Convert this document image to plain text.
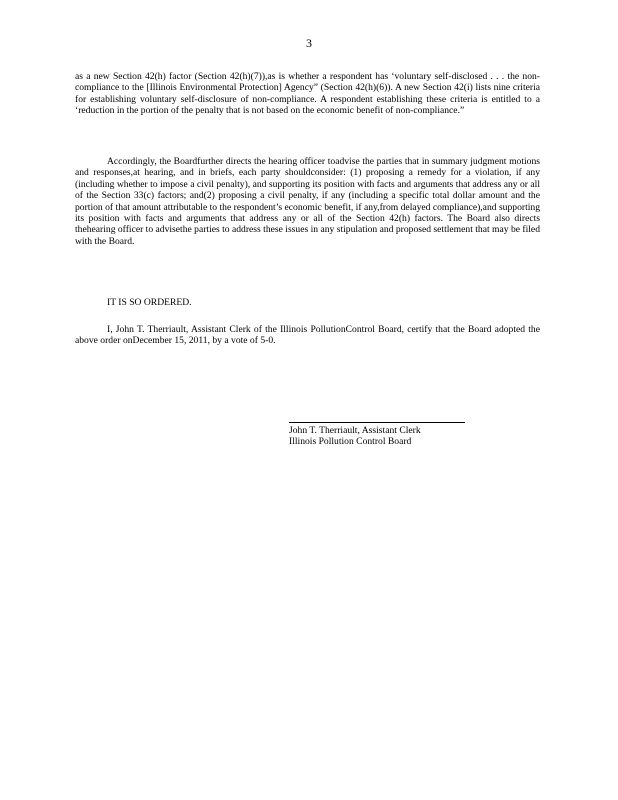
3
as a new Section 42(h) factor (Section 42(h)(7)),as is whether a respondent has ‘voluntary self-disclosed . . . the non-compliance to the [Illinois Environmental Protection] Agency” (Section 42(h)(6)). A new Section 42(i) lists nine criteria for establishing voluntary self-disclosure of non-compliance. A respondent establishing these criteria is entitled to a ‘reduction in the portion of the penalty that is not based on the economic benefit of non-compliance.”
Accordingly, the Boardfurther directs the hearing officer toadvise the parties that in summary judgment motions and responses,at hearing, and in briefs, each party shouldconsider: (1) proposing a remedy for a violation, if any (including whether to impose a civil penalty), and supporting its position with facts and arguments that address any or all of the Section 33(c) factors; and(2) proposing a civil penalty, if any (including a specific total dollar amount and the portion of that amount attributable to the respondent’s economic benefit, if any,from delayed compliance),and supporting its position with facts and arguments that address any or all of the Section 42(h) factors. The Board also directs thehearing officer to advisethe parties to address these issues in any stipulation and proposed settlement that may be filed with the Board.
IT IS SO ORDERED.
I, John T. Therriault, Assistant Clerk of the Illinois PollutionControl Board, certify that the Board adopted the above order onDecember 15, 2011, by a vote of 5-0.
John T. Therriault, Assistant Clerk
Illinois Pollution Control Board
